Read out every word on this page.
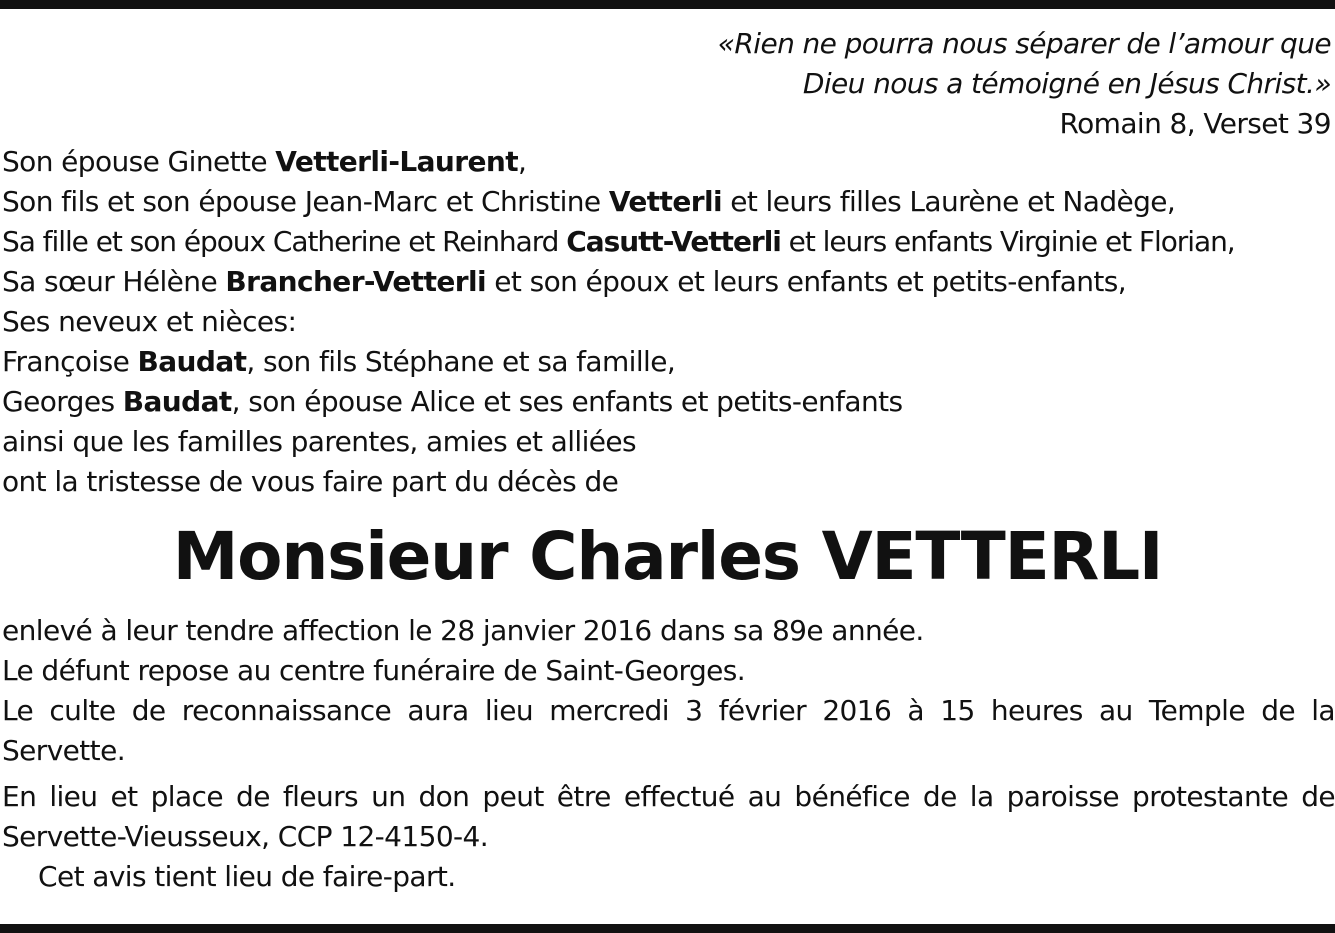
«Rien ne pourra nous séparer de l’amour que
Dieu nous a témoigné en Jésus Christ.»
Romain 8, Verset 39
Son épouse Ginette Vetterli-Laurent,
Son fils et son épouse Jean-Marc et Christine Vetterli et leurs filles Laurène et Nadège,
Sa fille et son époux Catherine et Reinhard Casutt-Vetterli et leurs enfants Virginie et Florian,
Sa sœur Hélène Brancher-Vetterli et son époux et leurs enfants et petits-enfants,
Ses neveux et nièces:
Françoise Baudat, son fils Stéphane et sa famille,
Georges Baudat, son épouse Alice et ses enfants et petits-enfants
ainsi que les familles parentes, amies et alliées
ont la tristesse de vous faire part du décès de
Monsieur Charles VETTERLI
enlevé à leur tendre affection le 28 janvier 2016 dans sa 89e année.
Le défunt repose au centre funéraire de Saint-Georges.
Le culte de reconnaissance aura lieu mercredi 3 février 2016 à 15 heures au Temple de la Servette.
En lieu et place de fleurs un don peut être effectué au bénéfice de la paroisse protestante de Servette-Vieusseux, CCP 12-4150-4.
Cet avis tient lieu de faire-part.
